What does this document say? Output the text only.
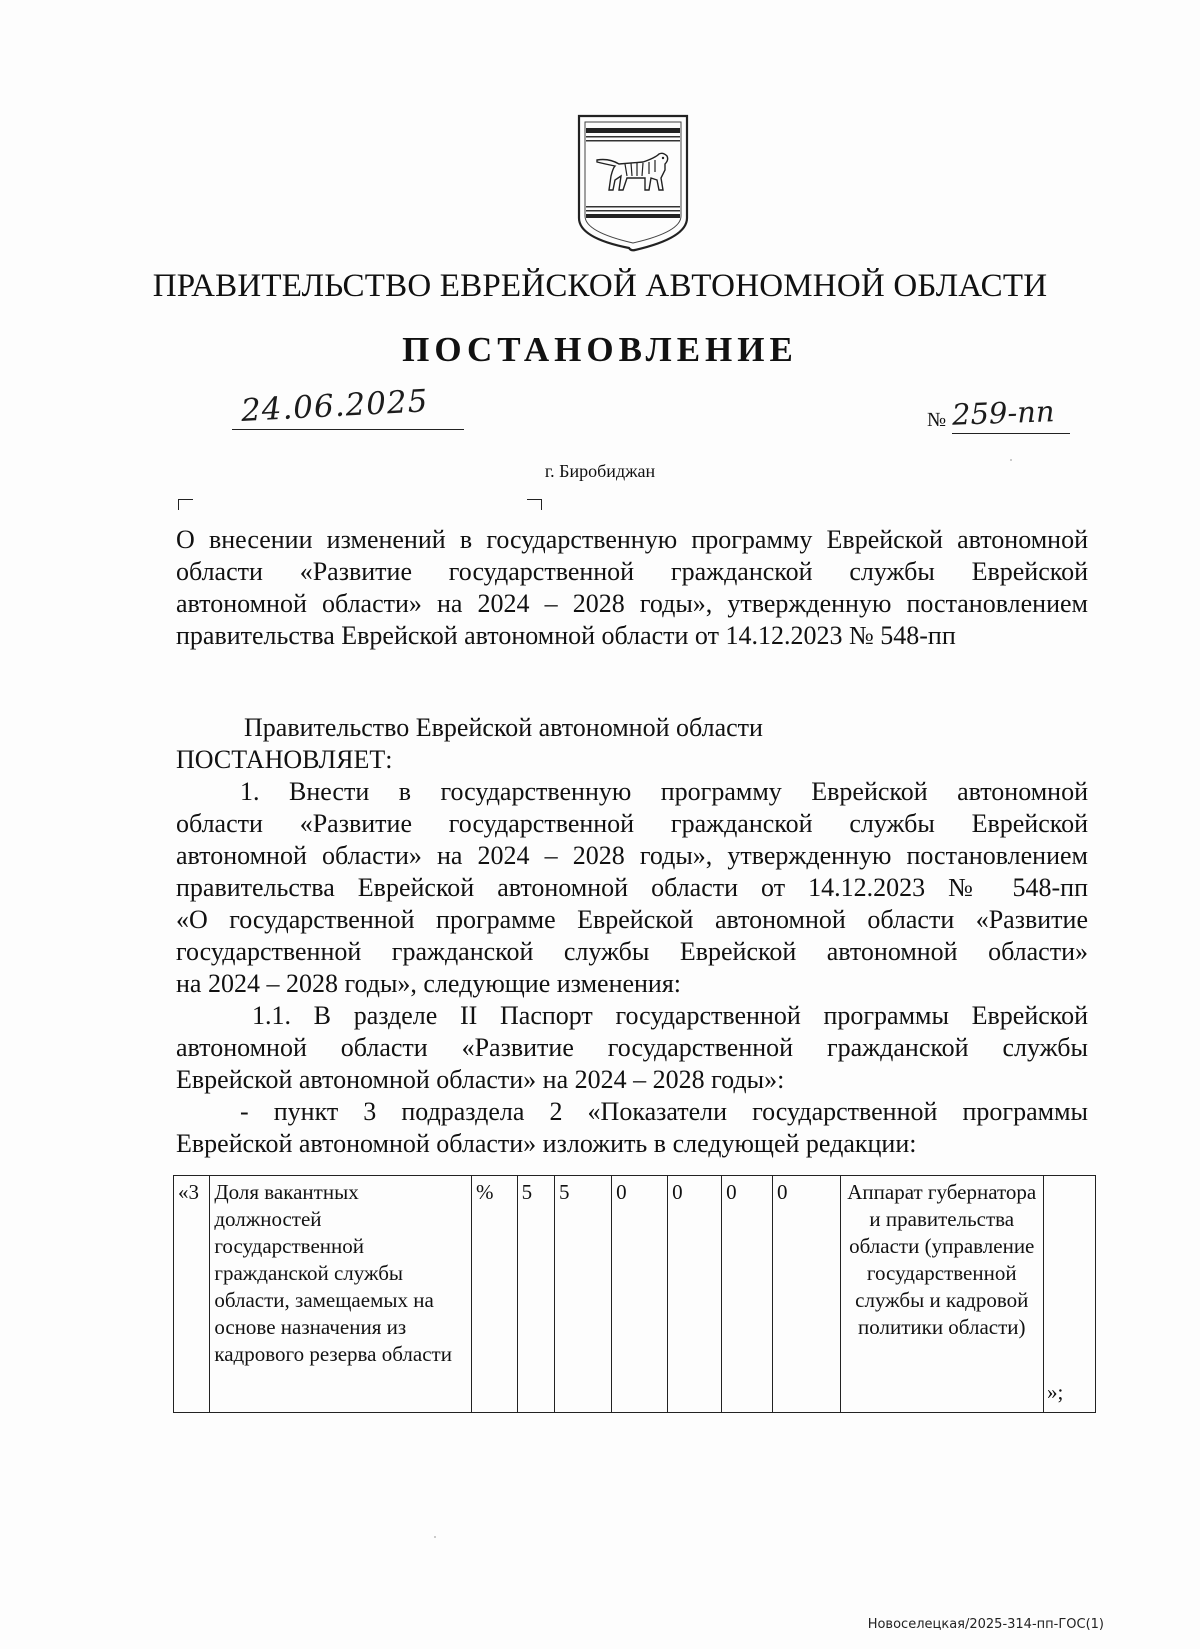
ПРАВИТЕЛЬСТВО ЕВРЕЙСКОЙ АВТОНОМНОЙ ОБЛАСТИ
ПОСТАНОВЛЕНИЕ
24.06.2025	№ 259-пп
г. Биробиджан
О внесении изменений в государственную программу Еврейской автономной
области «Развитие государственной гражданской службы Еврейской
автономной области» на 2024 – 2028 годы», утвержденную постановлением
правительства Еврейской автономной области от 14.12.2023 № 548-пп
Правительство Еврейской автономной области
ПОСТАНОВЛЯЕТ:
1. Внести в государственную программу Еврейской автономной
области «Развитие государственной гражданской службы Еврейской
автономной области» на 2024 – 2028 годы», утвержденную постановлением
правительства Еврейской автономной области от 14.12.2023 № 548-пп
«О государственной программе Еврейской автономной области «Развитие
государственной гражданской службы Еврейской автономной области»
на 2024 – 2028 годы», следующие изменения:
1.1. В разделе II Паспорт государственной программы Еврейской
автономной области «Развитие государственной гражданской службы
Еврейской автономной области» на 2024 – 2028 годы»:
- пункт 3 подраздела 2 «Показатели государственной программы
Еврейской автономной области» изложить в следующей редакции:
«3	Доля вакантных должностей государственной гражданской службы области, замещаемых на основе назначения из кадрового резерва области	%	5	5	0	0	0	0	Аппарат губернатора и правительства области (управление государственной службы и кадровой политики области)	»;
Новоселецкая/2025-314-пп-ГОС(1)
